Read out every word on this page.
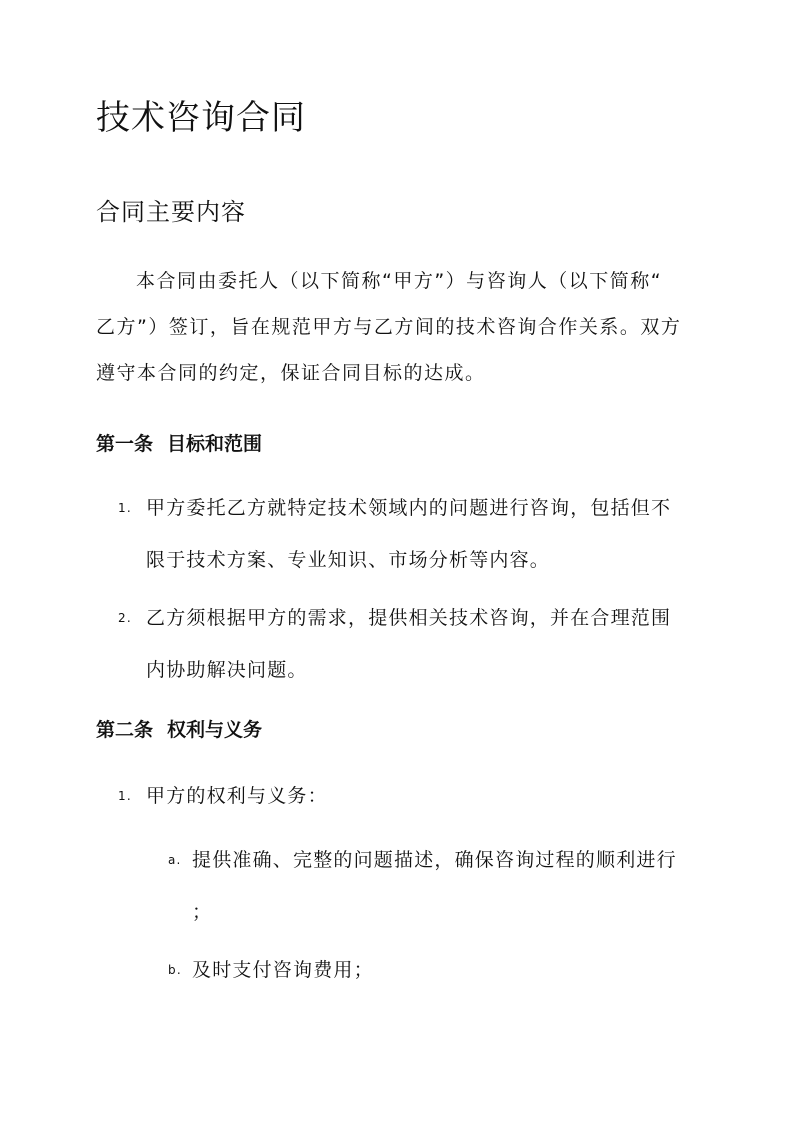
技术咨询合同
合同主要内容

本合同由委托人（以下简称“甲方”）与咨询人（以下简称“
乙方”）签订，旨在规范甲方与乙方间的技术咨询合作关系。双方
遵守本合同的约定，保证合同目标的达成。

第一条 目标和范围
1. 甲方委托乙方就特定技术领域内的问题进行咨询，包括但不
限于技术方案、专业知识、市场分析等内容。
2. 乙方须根据甲方的需求，提供相关技术咨询，并在合理范围
内协助解决问题。
第二条 权利与义务
1. 甲方的权利与义务：
a. 提供准确、完整的问题描述，确保咨询过程的顺利进行
；
b. 及时支付咨询费用；
